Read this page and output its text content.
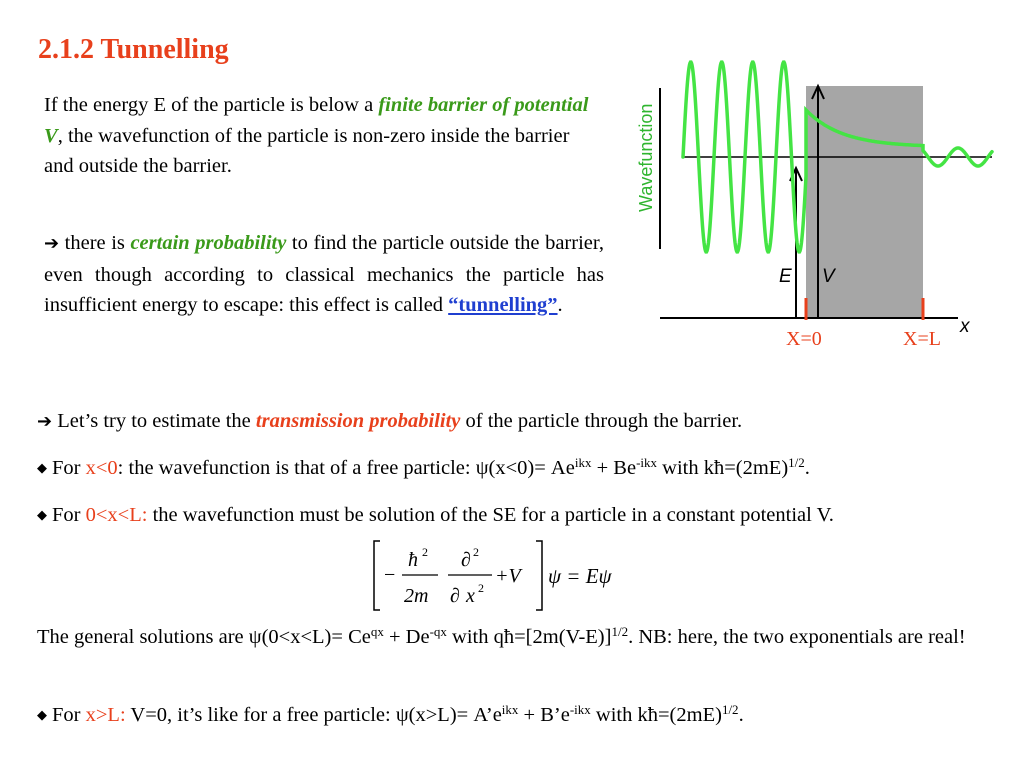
2.1.2 Tunnelling
If the energy E of the particle is below a finite barrier of potential V, the wavefunction of the particle is non-zero inside the barrier and outside the barrier.
➔ there is certain probability to find the particle outside the barrier, even though according to classical mechanics the particle has insufficient energy to escape: this effect is called “tunnelling”.
Wavefunction
E V
x
X=0	X=L
➔ Let’s try to estimate the transmission probability of the particle through the barrier.
◆ For x<0: the wavefunction is that of a free particle: $\psi(x<0)= Ae^{ikx} + Be^{-ikx}$ with $kħ=(2mE)^{1/2}$.
◆ For 0<x<L: the wavefunction must be solution of the SE for a particle in a constant potential V.
−
ħ 2
2m
∂ 2
∂ x 2
+V ψ = Eψ
The general solutions are $\psi(0<x<L)= Ce^{qx} + De^{-qx}$ with $qħ=[2m(V-E)]^{1/2}$. NB: here, the two exponentials are real!
◆ For x>L: V=0, it’s like for a free particle: $\psi(x>L)= A’e^{ikx}$ + $B’e^{-ikx}$ with $kħ=(2mE)^{1/2}$.
